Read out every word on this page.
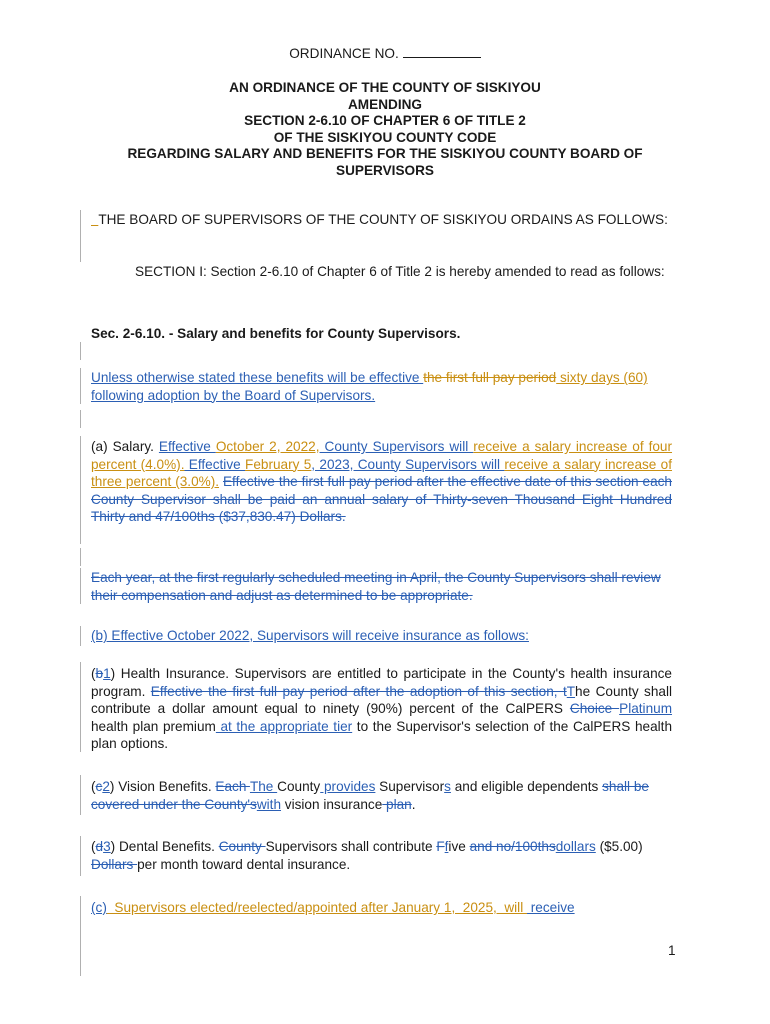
ORDINANCE NO.
AN ORDINANCE OF THE COUNTY OF SISKIYOU
AMENDING
SECTION 2-6.10 OF CHAPTER 6 OF TITLE 2
OF THE SISKIYOU COUNTY CODE
REGARDING SALARY AND BENEFITS FOR THE SISKIYOU COUNTY BOARD OF
SUPERVISORS
THE BOARD OF SUPERVISORS OF THE COUNTY OF SISKIYOU ORDAINS AS FOLLOWS:
SECTION I: Section 2-6.10 of Chapter 6 of Title 2 is hereby amended to read as follows:
Sec. 2-6.10. - Salary and benefits for County Supervisors.
Unless otherwise stated these benefits will be effective the first full pay period sixty days (60) following adoption by the Board of Supervisors.
(a) Salary. Effective October 2, 2022, County Supervisors will receive a salary increase of four percent (4.0%). Effective February 5, 2023, County Supervisors will receive a salary increase of three percent (3.0%). Effective the first full pay period after the effective date of this section each County Supervisor shall be paid an annual salary of Thirty-seven Thousand Eight Hundred Thirty and 47/100ths ($37,830.47) Dollars.
Each year, at the first regularly scheduled meeting in April, the County Supervisors shall review their compensation and adjust as determined to be appropriate.
(b) Effective October 2022, Supervisors will receive insurance as follows:
(b1) Health Insurance. Supervisors are entitled to participate in the County's health insurance program. Effective the first full pay period after the adoption of this section, tThe County shall contribute a dollar amount equal to ninety (90%) percent of the CalPERS Choice Platinum health plan premium at the appropriate tier to the Supervisor's selection of the CalPERS health plan options.
(c2) Vision Benefits. Each The County provides Supervisors and eligible dependents shall be covered under the County'swith vision insurance plan.
(d3) Dental Benefits. County Supervisors shall contribute Ffive and no/100thsdollars ($5.00) Dollars per month toward dental insurance.
(c)  Supervisors elected/reelected/appointed after January 1,  2025,  will  receive
1
